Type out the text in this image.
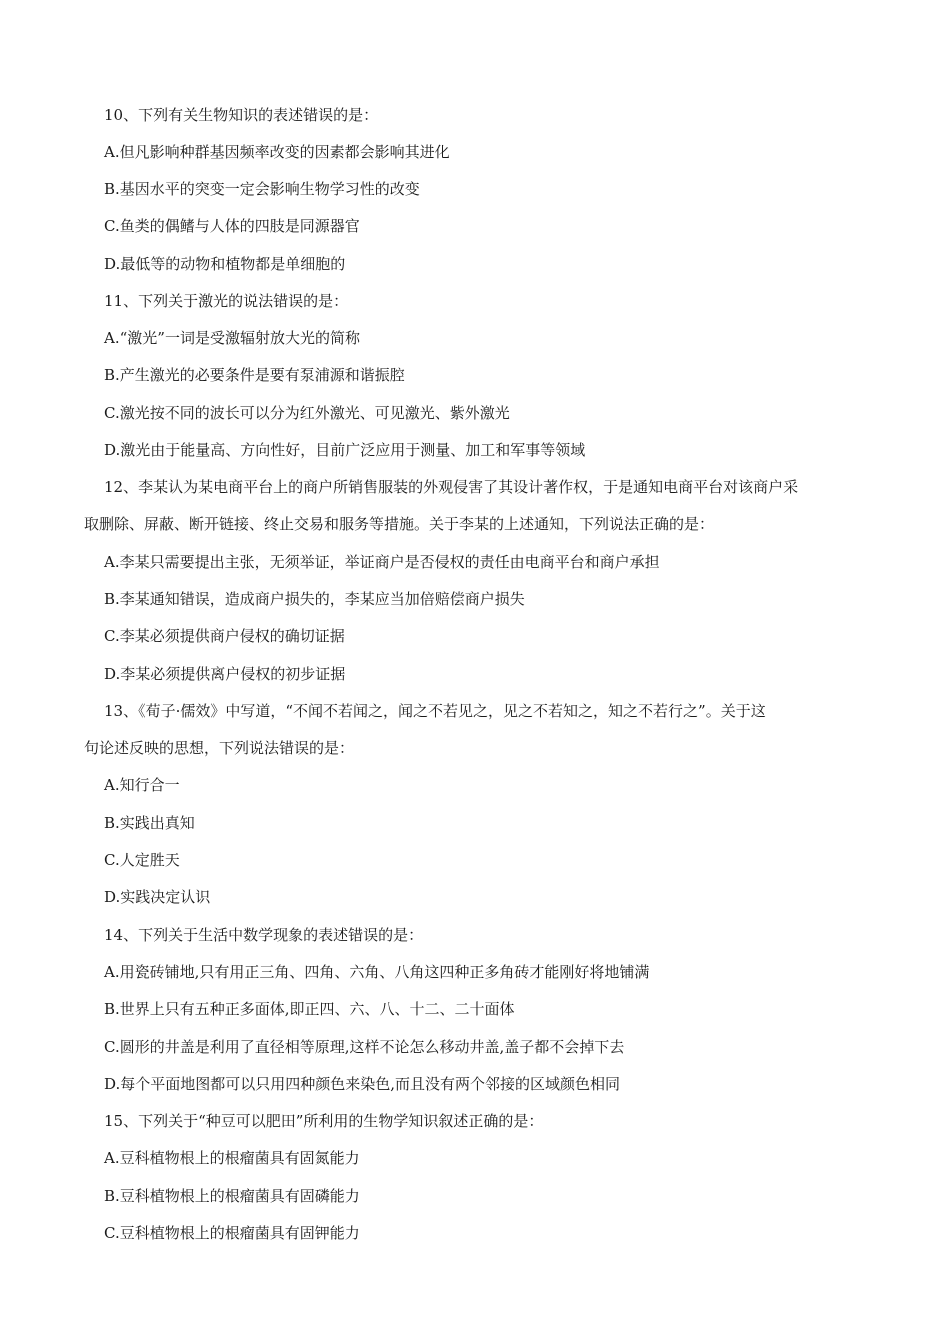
10、下列有关生物知识的表述错误的是：
A.但凡影响种群基因频率改变的因素都会影响其进化
B.基因水平的突变一定会影响生物学习性的改变
C.鱼类的偶鳍与人体的四肢是同源器官
D.最低等的动物和植物都是单细胞的
11、下列关于激光的说法错误的是：
A.“激光”一词是受激辐射放大光的简称
B.产生激光的必要条件是要有泵浦源和谐振腔
C.激光按不同的波长可以分为红外激光、可见激光、紫外激光
D.激光由于能量高、方向性好，目前广泛应用于测量、加工和军事等领域
12、李某认为某电商平台上的商户所销售服装的外观侵害了其设计著作权，于是通知电商平台对该商户采
取删除、屏蔽、断开链接、终止交易和服务等措施。关于李某的上述通知，下列说法正确的是：
A.李某只需要提出主张，无须举证，举证商户是否侵权的责任由电商平台和商户承担
B.李某通知错误，造成商户损失的，李某应当加倍赔偿商户损失
C.李某必须提供商户侵权的确切证据
D.李某必须提供离户侵权的初步证据
13、《荀子·儒效》中写道，“不闻不若闻之，闻之不若见之，见之不若知之，知之不若行之”。关于这
句论述反映的思想，下列说法错误的是：
A.知行合一
B.实践出真知
C.人定胜天
D.实践决定认识
14、下列关于生活中数学现象的表述错误的是：
A.用瓷砖铺地,只有用正三角、四角、六角、八角这四种正多角砖才能刚好将地铺满
B.世界上只有五种正多面体,即正四、六、八、十二、二十面体
C.圆形的井盖是利用了直径相等原理,这样不论怎么移动井盖,盖子都不会掉下去
D.每个平面地图都可以只用四种颜色来染色,而且没有两个邻接的区域颜色相同
15、下列关于“种豆可以肥田”所利用的生物学知识叙述正确的是：
A.豆科植物根上的根瘤菌具有固氮能力
B.豆科植物根上的根瘤菌具有固磷能力
C.豆科植物根上的根瘤菌具有固钾能力
